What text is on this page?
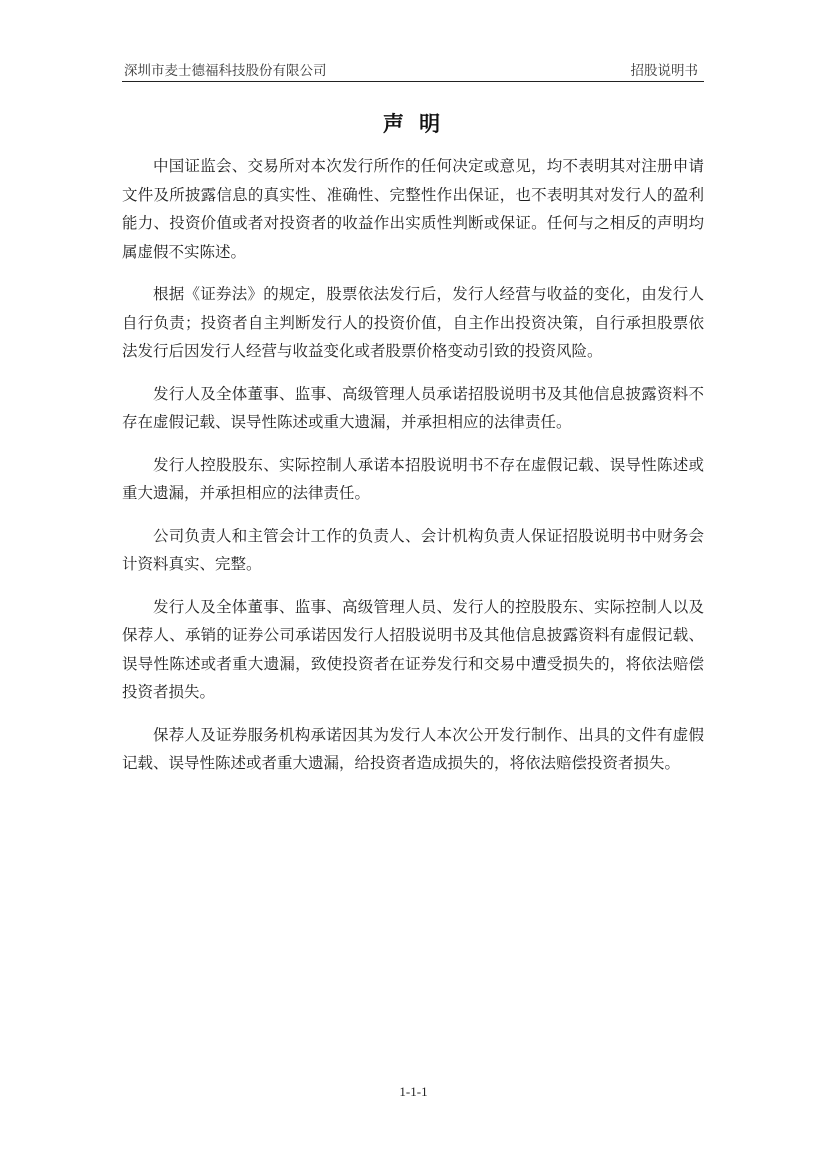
深圳市麦士德福科技股份有限公司	招股说明书
声 明

中国证监会、交易所对本次发行所作的任何决定或意见，均不表明其对注册申请文件及所披露信息的真实性、准确性、完整性作出保证，也不表明其对发行人的盈利能力、投资价值或者对投资者的收益作出实质性判断或保证。任何与之相反的声明均属虚假不实陈述。

根据《证券法》的规定，股票依法发行后，发行人经营与收益的变化，由发行人自行负责；投资者自主判断发行人的投资价值，自主作出投资决策，自行承担股票依法发行后因发行人经营与收益变化或者股票价格变动引致的投资风险。

发行人及全体董事、监事、高级管理人员承诺招股说明书及其他信息披露资料不存在虚假记载、误导性陈述或重大遗漏，并承担相应的法律责任。

发行人控股股东、实际控制人承诺本招股说明书不存在虚假记载、误导性陈述或重大遗漏，并承担相应的法律责任。

公司负责人和主管会计工作的负责人、会计机构负责人保证招股说明书中财务会计资料真实、完整。

发行人及全体董事、监事、高级管理人员、发行人的控股股东、实际控制人以及保荐人、承销的证券公司承诺因发行人招股说明书及其他信息披露资料有虚假记载、误导性陈述或者重大遗漏，致使投资者在证券发行和交易中遭受损失的，将依法赔偿投资者损失。

保荐人及证券服务机构承诺因其为发行人本次公开发行制作、出具的文件有虚假记载、误导性陈述或者重大遗漏，给投资者造成损失的，将依法赔偿投资者损失。

1-1-1
